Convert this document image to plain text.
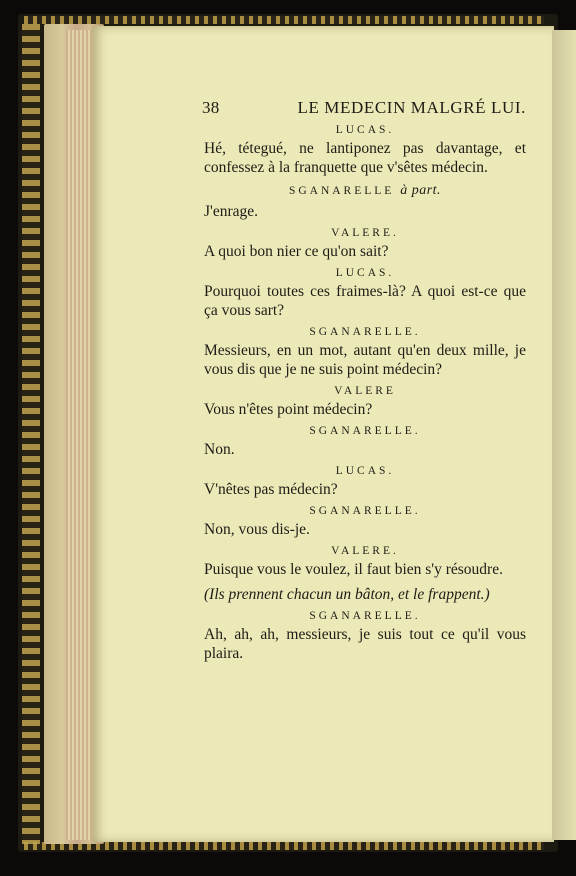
38	LE MEDECIN MALGRÉ LUI.
LUCAS.
Hé, tétegué, ne lantiponez pas davantage, et confessez à la franquette que v'sêtes médecin.
SGANARELLE à part.
J'enrage.
VALERE.
A quoi bon nier ce qu'on sait?
LUCAS.
Pourquoi toutes ces fraimes-là? A quoi est-ce que ça vous sart?
SGANARELLE.
Messieurs, en un mot, autant qu'en deux mille, je vous dis que je ne suis point médecin?
VALERE
Vous n'êtes point médecin?
SGANARELLE.
Non.
LUCAS.
V'nêtes pas médecin?
SGANARELLE.
Non, vous dis-je.
VALERE.
Puisque vous le voulez, il faut bien s'y résoudre.
(Ils prennent chacun un bâton, et le frappent.)
SGANARELLE.
Ah, ah, ah, messieurs, je suis tout ce qu'il vous plaira.
